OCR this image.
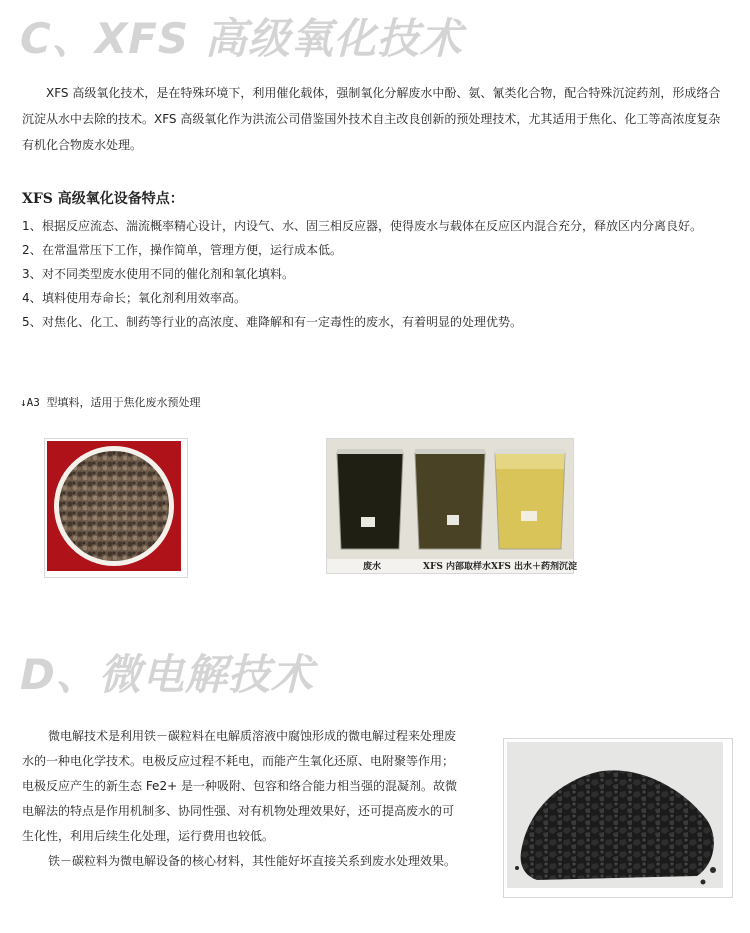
C、XFS 高级氧化技术
XFS 高级氧化技术，是在特殊环境下，利用催化载体，强制氧化分解废水中酚、氨、氰类化合物，配合特殊沉淀药剂，形成络合沉淀从水中去除的技术。XFS 高级氧化作为洪流公司借鉴国外技术自主改良创新的预处理技术，尤其适用于焦化、化工等高浓度复杂有机化合物废水处理。
XFS 高级氧化设备特点：
1、 根据反应流态、湍流概率精心设计，内设气、水、固三相反应器，使得废水与载体在反应区内混合充分，释放区内分离良好。
2、 在常温常压下工作，操作简单，管理方便，运行成本低。
3、 对不同类型废水使用不同的催化剂和氧化填料。
4、 填料使用寿命长；氧化剂利用效率高。
5、 对焦化、化工、制药等行业的高浓度、难降解和有一定毒性的废水，有着明显的处理优势。
↓A3 型填料，适用于焦化废水预处理
废水	XFS 内部取样水 XFS 出水＋药剂沉淀
D、微电解技术
微电解技术是利用铁－碳粒料在电解质溶液中腐蚀形成的微电解过程来处理废水的一种电化学技术。电极反应过程不耗电，而能产生氧化还原、电附聚等作用；电极反应产生的新生态 Fe2+ 是一种吸附、包容和络合能力相当强的混凝剂。故微电解法的特点是作用机制多、协同性强、对有机物处理效果好，还可提高废水的可生化性，利用后续生化处理，运行费用也较低。
铁－碳粒料为微电解设备的核心材料，其性能好坏直接关系到废水处理效果。
